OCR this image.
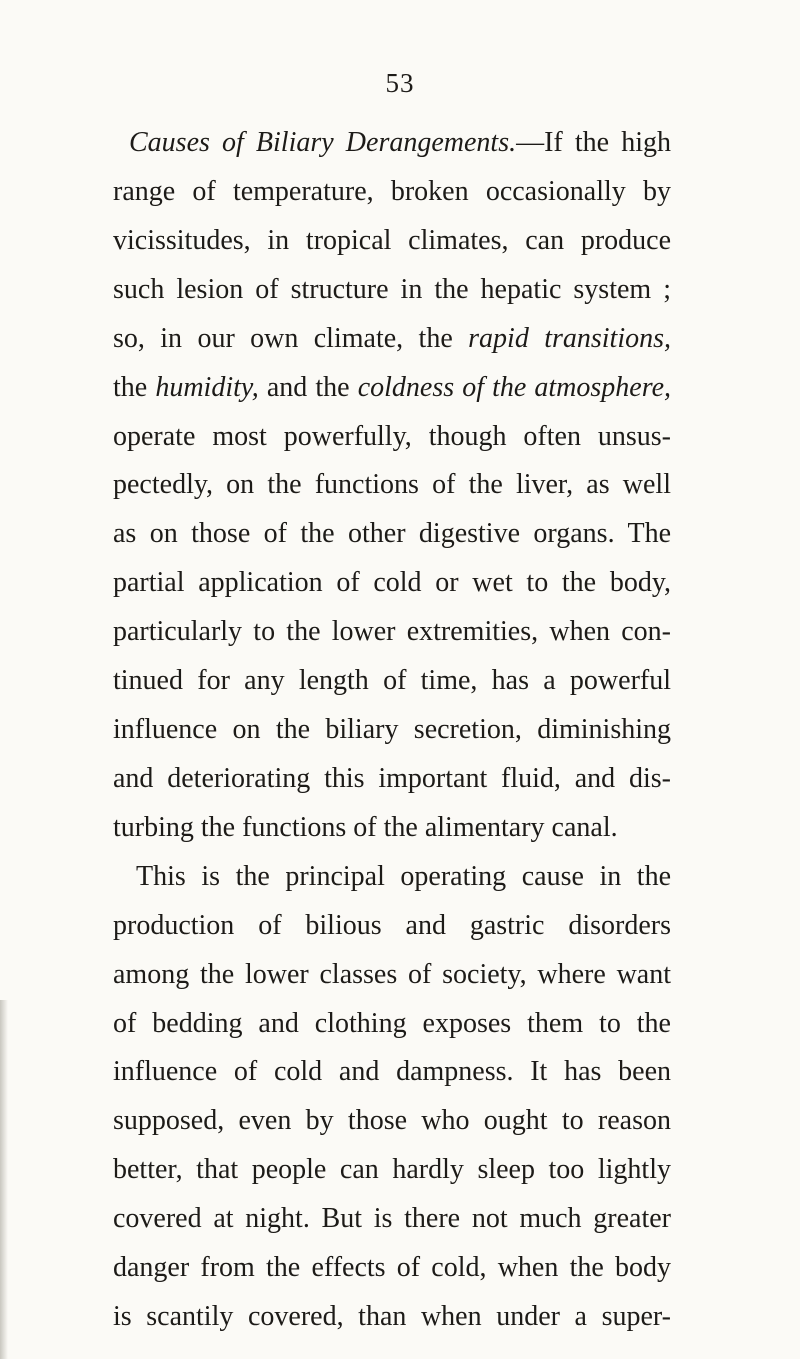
53
Causes of Biliary Derangements.—If the high
range of temperature, broken occasionally by
vicissitudes, in tropical climates, can produce
such lesion of structure in the hepatic system ;
so, in our own climate, the rapid transitions,
the humidity, and the coldness of the atmosphere,
operate most powerfully, though often unsus-
pectedly, on the functions of the liver, as well
as on those of the other digestive organs. The
partial application of cold or wet to the body,
particularly to the lower extremities, when con-
tinued for any length of time, has a powerful
influence on the biliary secretion, diminishing
and deteriorating this important fluid, and dis-
turbing the functions of the alimentary canal.
This is the principal operating cause in the
production of bilious and gastric disorders
among the lower classes of society, where want
of bedding and clothing exposes them to the
influence of cold and dampness. It has been
supposed, even by those who ought to reason
better, that people can hardly sleep too lightly
covered at night. But is there not much greater
danger from the effects of cold, when the body
is scantily covered, than when under a super-
